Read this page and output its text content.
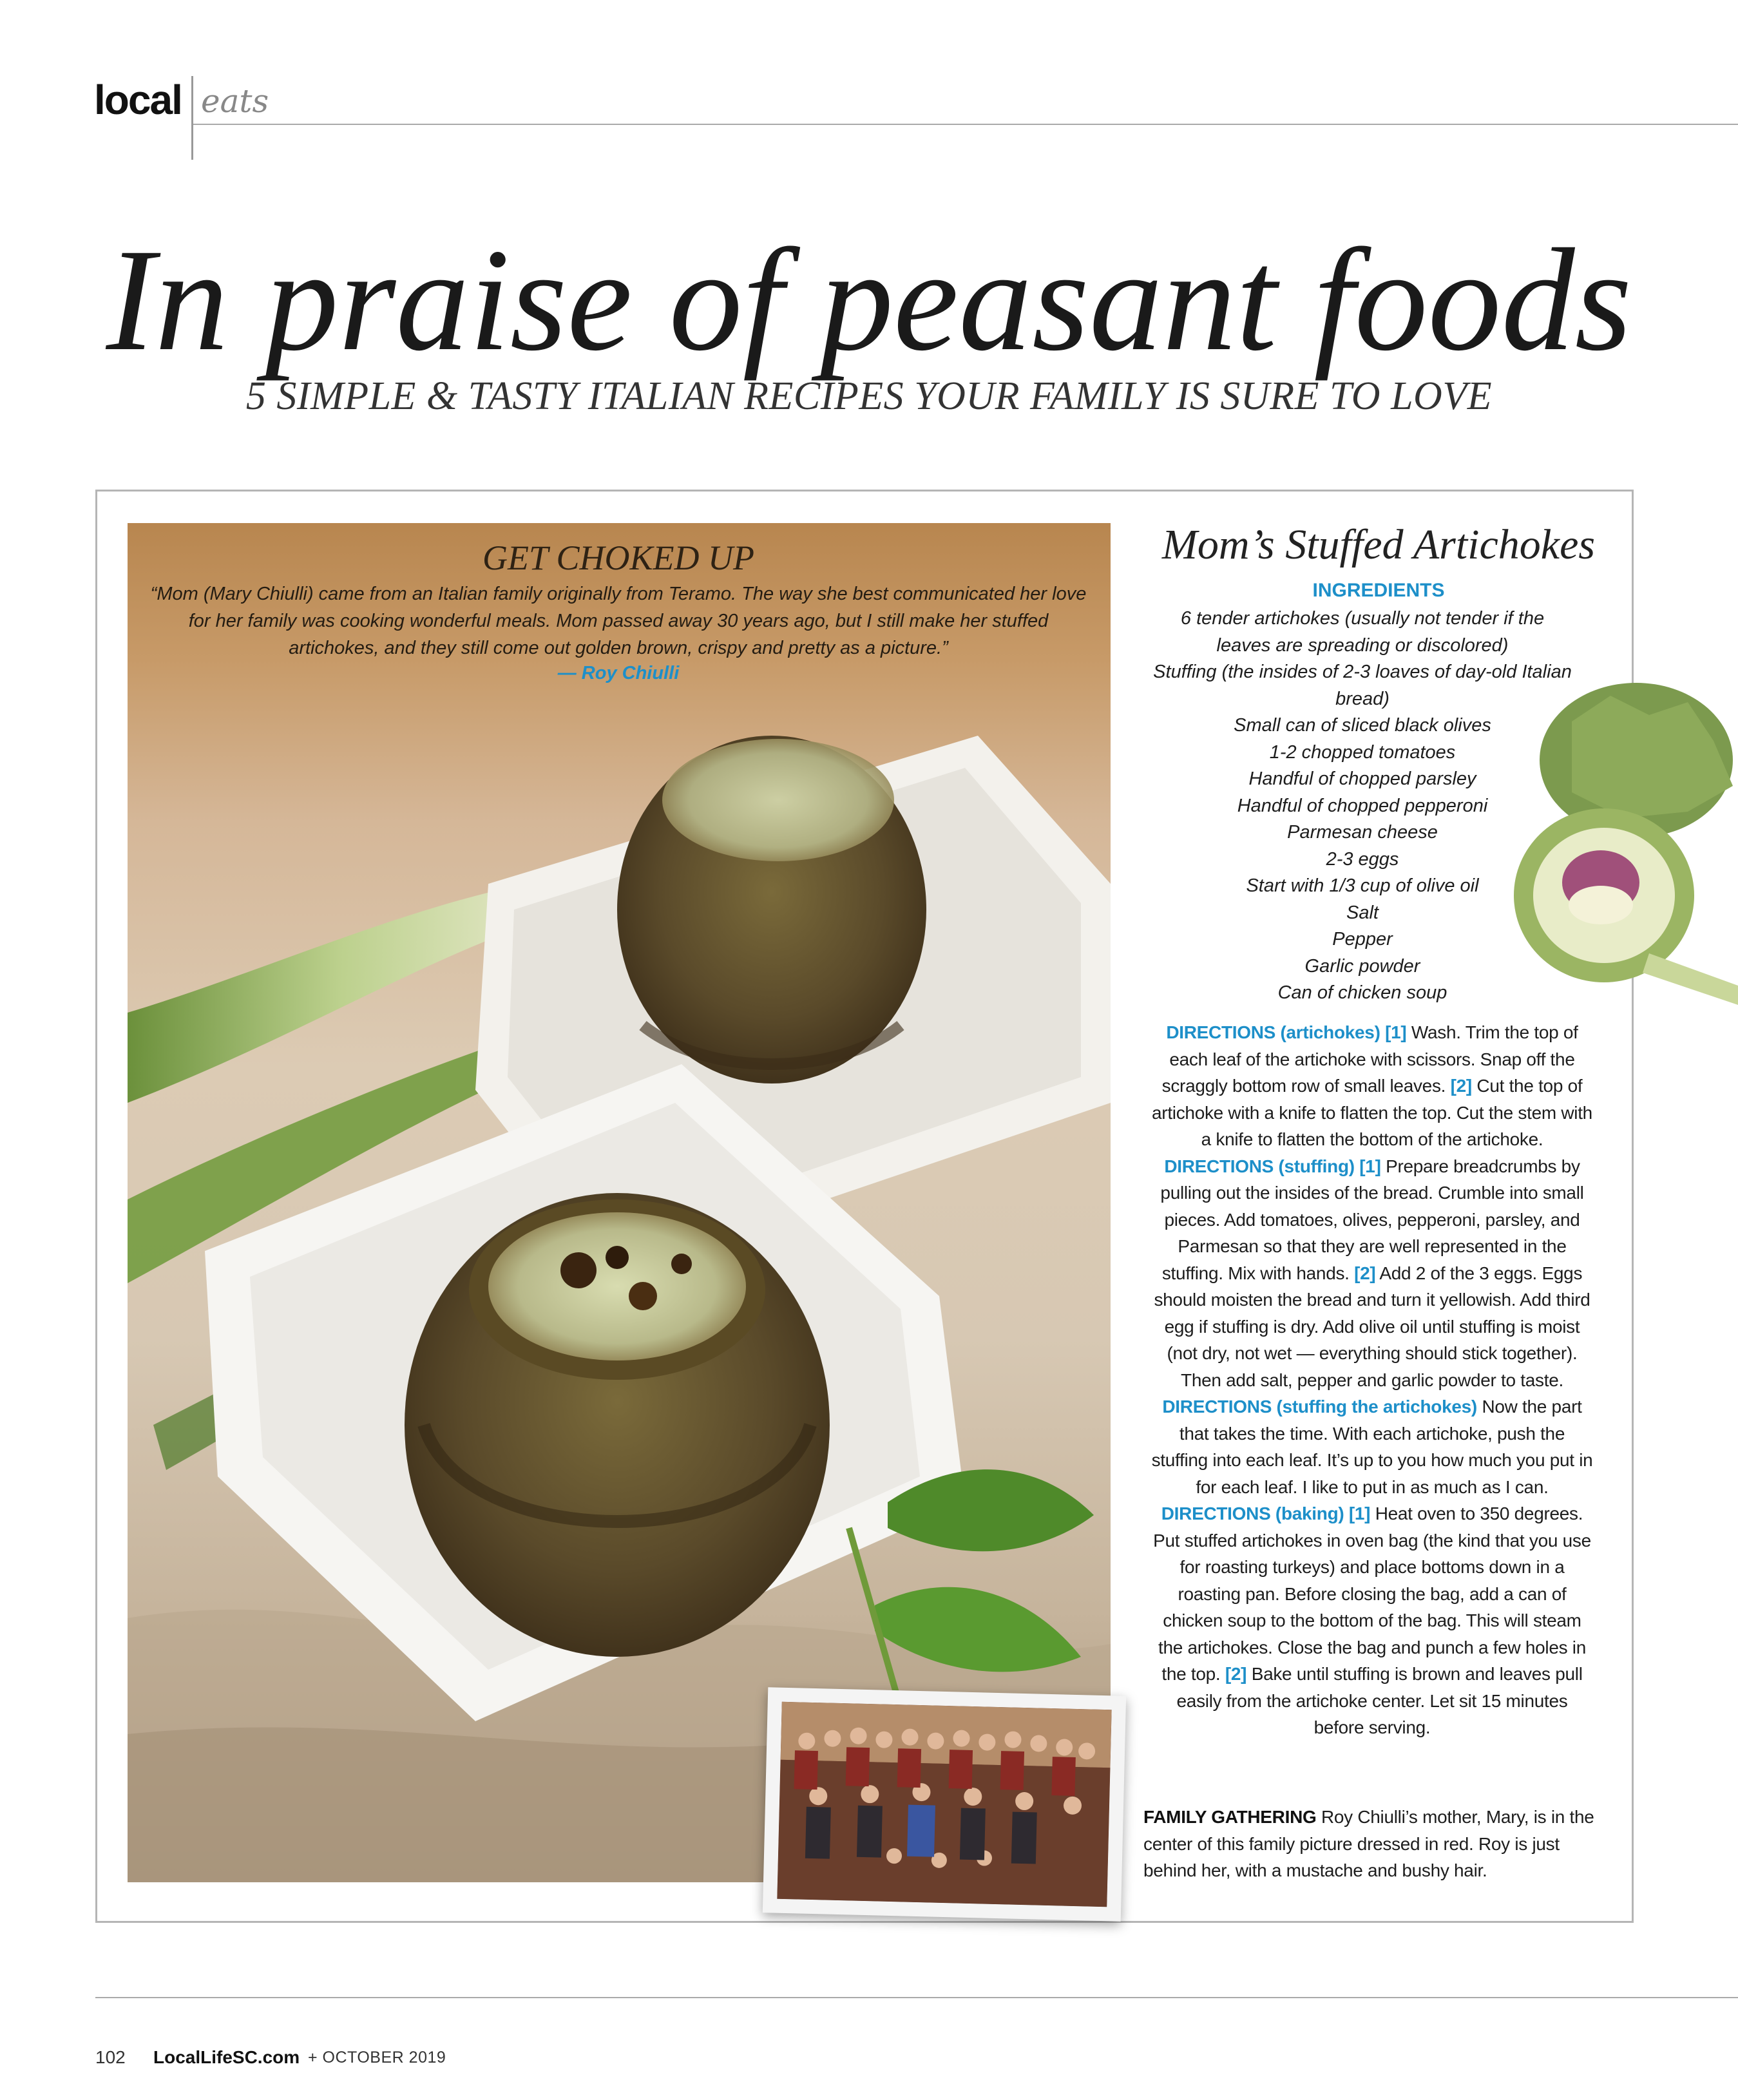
local eats
In praise of peasant foods
5 SIMPLE & TASTY ITALIAN RECIPES YOUR FAMILY IS SURE TO LOVE
GET CHOKED UP
“Mom (Mary Chiulli) came from an Italian family originally from Teramo. The way she best communicated her love for her family was cooking wonderful meals. Mom passed away 30 years ago, but I still make her stuffed artichokes, and they still come out golden brown, crispy and pretty as a picture.”
— Roy Chiulli
Mom’s Stuffed Artichokes
INGREDIENTS
6 tender artichokes (usually not tender if the leaves are spreading or discolored)
Stuffing (the insides of 2-3 loaves of day-old Italian bread)
Small can of sliced black olives
1-2 chopped tomatoes
Handful of chopped parsley
Handful of chopped pepperoni
Parmesan cheese
2-3 eggs
Start with 1/3 cup of olive oil
Salt
Pepper
Garlic powder
Can of chicken soup
DIRECTIONS (artichokes) [1] Wash. Trim the top of each leaf of the artichoke with scissors. Snap off the scraggly bottom row of small leaves. [2] Cut the top of artichoke with a knife to flatten the top. Cut the stem with a knife to flatten the bottom of the artichoke. DIRECTIONS (stuffing) [1] Prepare breadcrumbs by pulling out the insides of the bread. Crumble into small pieces. Add tomatoes, olives, pepperoni, parsley, and Parmesan so that they are well represented in the stuffing. Mix with hands. [2] Add 2 of the 3 eggs. Eggs should moisten the bread and turn it yellowish. Add third egg if stuffing is dry. Add olive oil until stuffing is moist (not dry, not wet — everything should stick together). Then add salt, pepper and garlic powder to taste. DIRECTIONS (stuffing the artichokes) Now the part that takes the time. With each artichoke, push the stuffing into each leaf. It’s up to you how much you put in for each leaf. I like to put in as much as I can. DIRECTIONS (baking) [1] Heat oven to 350 degrees. Put stuffed artichokes in oven bag (the kind that you use for roasting turkeys) and place bottoms down in a roasting pan. Before closing the bag, add a can of chicken soup to the bottom of the bag. This will steam the artichokes. Close the bag and punch a few holes in the top. [2] Bake until stuffing is brown and leaves pull easily from the artichoke center. Let sit 15 minutes before serving.
FAMILY GATHERING Roy Chiulli’s mother, Mary, is in the center of this family picture dressed in red. Roy is just behind her, with a mustache and bushy hair.
102 LocalLifeSC.com + OCTOBER 2019
